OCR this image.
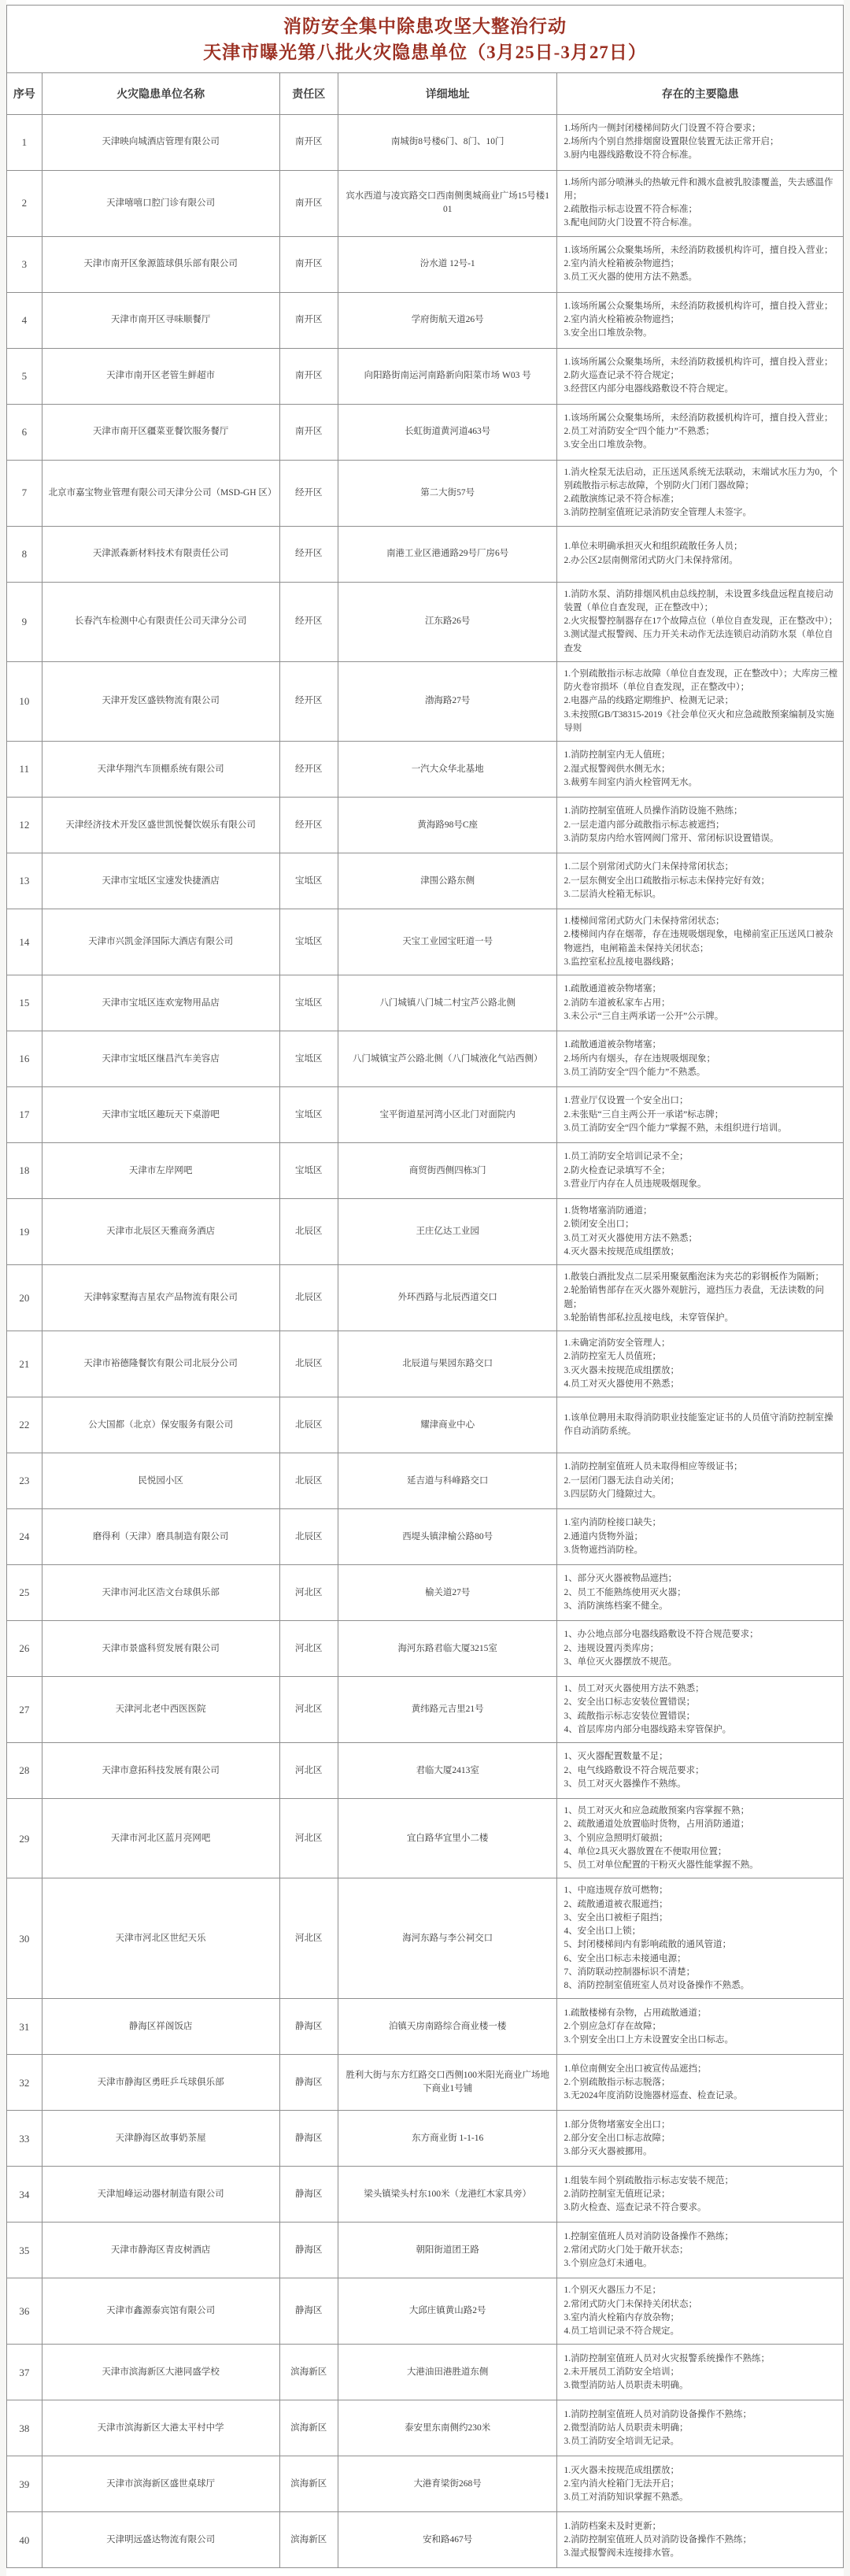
消防安全集中除患攻坚大整治行动
天津市曝光第八批火灾隐患单位（3月25日-3月27日）				

序号	火灾隐患单位名称	责任区	详细地址	存在的主要隐患
1	天津映向城酒店管理有限公司	南开区	南城街8号楼6门、8门、10门	1.场所内一侧封闭楼梯间防火门设置不符合要求；
2.场所内个别自然排烟窗设置限位装置无法正常开启；
3.厨内电器线路敷设不符合标准。

2	天津嘻嘻口腔门诊有限公司	南开区	宾水西道与凌宾路交口西南侧奥城商业广场15号楼101	1.场所内部分喷淋头的热敏元件和溅水盘被乳胶漆覆盖，失去感温作用；
2.疏散指示标志设置不符合标准；
3.配电间防火门设置不符合标准。

3	天津市南开区象源篮球俱乐部有限公司	南开区	汾水道 12号-1	1.该场所属公众聚集场所，未经消防救援机构许可，擅自投入营业；
2.室内消火栓箱被杂物遮挡；
3.员工灭火器的使用方法不熟悉。

4	天津市南开区寻味顺餐厅	南开区	学府街航天道26号	1.该场所属公众聚集场所，未经消防救援机构许可，擅自投入营业；
2.室内消火栓箱被杂物遮挡；
3.安全出口堆放杂物。

5	天津市南开区老管生鲜超市	南开区	向阳路街南运河南路新向阳菜市场 W03 号	1.该场所属公众聚集场所，未经消防救援机构许可，擅自投入营业；
2.防火巡查记录不符合规定；
3.经营区内部分电器线路敷设不符合规定。

6	天津市南开区疆菜亚餐饮服务餐厅	南开区	长虹街道黄河道463号	1.该场所属公众聚集场所，未经消防救援机构许可，擅自投入营业；
2.员工对消防安全“四个能力”不熟悉；
3.安全出口堆放杂物。

7	北京市嘉宝物业管理有限公司天津分公司（MSD-GH 区）	经开区	第二大街57号	1.消火栓泵无法启动，正压送风系统无法联动，末端试水压力为0，个别疏散指示标志故障，个别防火门闭门器故障；
2.疏散演练记录不符合标准；
3.消防控制室值班记录消防安全管理人未签字。

8	天津派森新材料技术有限责任公司	经开区	南港工业区港通路29号厂房6号	1.单位未明确承担灭火和组织疏散任务人员；
2.办公区2层南侧常闭式防火门未保持常闭。

9	长春汽车检测中心有限责任公司天津分公司	经开区	江东路26号	1.消防水泵、消防排烟风机由总线控制，未设置多线盘远程直接启动装置（单位自查发现，正在整改中）；
2.火灾报警控制器存在17个故障点位（单位自查发现，正在整改中）；
3.测试湿式报警阀、压力开关未动作无法连锁启动消防水泵（单位自查发

10	天津开发区盛铁物流有限公司	经开区	渤海路27号	1.个别疏散指示标志故障（单位自查发现，正在整改中）；大库房三樘防火卷帘损坏（单位自查发现，正在整改中）；
2.电器产品的线路定期维护、检测无记录；
3.未按照GB/T38315-2019《社会单位灭火和应急疏散预案编制及实施导则

11	天津华翔汽车顶棚系统有限公司	经开区	一汽大众华北基地	1.消防控制室内无人值班；
2.湿式报警阀供水侧无水；
3.裁剪车间室内消火栓管网无水。

12	天津经济技术开发区盛世凯悦餐饮娱乐有限公司	经开区	黄海路98号C座	1.消防控制室值班人员操作消防设施不熟练；
2.一层走道内部分疏散指示标志被遮挡；
3.消防泵房内给水管网阀门常开、常闭标识设置错误。

13	天津市宝坻区宝速发快捷酒店	宝坻区	津围公路东侧	1.二层个别常闭式防火门未保持常闭状态；
2.一层东侧安全出口疏散指示标志未保持完好有效；
3.二层消火栓箱无标识。

14	天津市兴凯金泽国际大酒店有限公司	宝坻区	天宝工业园宝旺道一号	1.楼梯间常闭式防火门未保持常闭状态；
2.楼梯间内存在烟蒂，存在违规吸烟现象，电梯前室正压送风口被杂物遮挡，电闸箱盖未保持关闭状态；
3.监控室私拉乱接电器线路；

15	天津市宝坻区连欢宠物用品店	宝坻区	八门城镇八门城二村宝芦公路北侧	1.疏散通道被杂物堵塞；
2.消防车道被私家车占用；
3.未公示“三自主两承诺一公开”公示牌。

16	天津市宝坻区继昌汽车美容店	宝坻区	八门城镇宝芦公路北侧（八门城液化气站西侧）	1.疏散通道被杂物堵塞；
2.场所内有烟头，存在违规吸烟现象；
3.员工消防安全“四个能力”不熟悉。

17	天津市宝坻区趣玩天下桌游吧	宝坻区	宝平街道星河湾小区北门对面院内	1.营业厅仅设置一个安全出口；
2.未张贴“三自主两公开一承诺”标志牌；
3.员工消防安全“四个能力”掌握不熟，未组织进行培训。

18	天津市左岸网吧	宝坻区	商贸街西侧四栋3门	1.员工消防安全培训记录不全；
2.防火检查记录填写不全；
3.营业厅内存在人员违规吸烟现象。

19	天津市北辰区天雅商务酒店	北辰区	王庄亿达工业园	1.货物堵塞消防通道；
2.锁闭安全出口；
3.员工对灭火器使用方法不熟悉；
4.灭火器未按规范成组摆放；

20	天津韩家墅海吉星农产品物流有限公司	北辰区	外环西路与北辰西道交口	1.散装白酒批发点二层采用聚氨酯泡沫为夹芯的彩钢板作为隔断；
2.轮胎销售部存在灭火器外观脏污，遮挡压力表盘，无法读数的问题；
3.轮胎销售部私拉乱接电线，未穿管保护。

21	天津市裕德隆餐饮有限公司北辰分公司	北辰区	北辰道与果园东路交口	1.未确定消防安全管理人；
2.消防控室无人员值班；
3.灭火器未按规范成组摆放；
4.员工对灭火器使用不熟悉；

22	公大国都（北京）保安服务有限公司	北辰区	耀津商业中心	1.该单位聘用未取得消防职业技能鉴定证书的人员值守消防控制室操作自动消防系统。

23	民悦园小区	北辰区	延吉道与科峰路交口	1.消防控制室值班人员未取得相应等级证书；
2.一层闭门器无法自动关闭；
3.四层防火门缝隙过大。

24	磨得利（天津）磨具制造有限公司	北辰区	西堤头镇津榆公路80号	1.室内消防栓接口缺失；
2.通道内货物外溢；
3.货物遮挡消防栓。

25	天津市河北区浩文台球俱乐部	河北区	榆关道27号	1、部分灭火器被物品遮挡；
2、员工不能熟练使用灭火器；
3、消防演练档案不健全。

26	天津市景盛科贸发展有限公司	河北区	海河东路君临大厦3215室	1、办公地点部分电器线路敷设不符合规范要求；
2、违规设置丙类库房；
3、单位灭火器摆放不规范。

27	天津河北老中西医医院	河北区	黄纬路元吉里21号	1、员工对灭火器使用方法不熟悉；
2、安全出口标志安装位置错误；
3、疏散指示标志安装位置错误；
4、首层库房内部分电器线路未穿管保护。

28	天津市意拓科技发展有限公司	河北区	君临大厦2413室	1、灭火器配置数量不足；
2、电气线路敷设不符合规范要求；
3、员工对灭火器操作不熟练。

29	天津市河北区蓝月亮网吧	河北区	宜白路华宜里小二楼	1、员工对灭火和应急疏散预案内容掌握不熟；
2、疏散通道处放置临时货物，占用消防通道；
3、个别应急照明灯破损；
4、单位2具灭火器放置在不便取用位置；
5、员工对单位配置的干粉灭火器性能掌握不熟。

30	天津市河北区世纪天乐	河北区	海河东路与李公祠交口	
1、中庭违规存放可燃物；
2、疏散通道被衣服遮挡；
3、安全出口被柜子阻挡；
4、安全出口上锁；
5、封闭楼梯间内有影响疏散的通风管道；
6、安全出口标志未接通电源；
7、消防联动控制器标识不清楚；
8、消防控制室值班室人员对设备操作不熟悉。

31	静海区祥阁饭店	静海区	泊镇天房南路综合商业楼一楼	1.疏散楼梯有杂物，占用疏散通道；
2.个别应急灯存在故障；
3.个别安全出口上方未设置安全出口标志。

32	天津市静海区勇旺乒乓球俱乐部	静海区	胜利大街与东方红路交口西侧100米阳光商业广场地下商业1号铺	1.单位南侧安全出口被宣传品遮挡；
2.个别疏散指示标志脱落；
3.无2024年度消防设施器材巡查、检查记录。

33	天津静海区故事奶茶屋	静海区	东方商业街 1-1-16	1.部分货物堵塞安全出口；
2.部分安全出口标志故障；
3.部分灭火器被挪用。

34	天津旭峰运动器材制造有限公司	静海区	梁头镇梁头村东100米（龙港红木家具旁）	1.组装车间个别疏散指示标志安装不规范；
2.消防控制室无值班记录；
3.防火检查、巡查记录不符合要求。

35	天津市静海区青皮树酒店	静海区	朝阳街道团王路	1.控制室值班人员对消防设备操作不熟练；
2.常闭式防火门处于敞开状态；
3.个别应急灯未通电。

36	天津市鑫源泰宾馆有限公司	静海区	大邱庄镇黄山路2号	1.个别灭火器压力不足；
2.常闭式防火门未保持关闭状态；
3.室内消火栓箱内存放杂物；
4.员工培训记录不符合规定。

37	天津市滨海新区大港同盛学校	滨海新区	大港油田港胜道东侧	1.消防控制室值班人员对火灾报警系统操作不熟练；
2.未开展员工消防安全培训；
3.微型消防站人员职责未明确。

38	天津市滨海新区大港太平村中学	滨海新区	泰安里东南侧约230米	1.消防控制室值班人员对消防设备操作不熟练；
2.微型消防站人员职责未明确；
3.员工消防安全培训无记录。

39	天津市滨海新区盛世桌球厅	滨海新区	大港育梁街268号	1.灭火器未按规范成组摆放；
2.室内消火栓箱门无法开启；
3.员工对消防知识掌握不熟悉。

40	天津明远盛达物流有限公司	滨海新区	安和路467号	1.消防档案未及时更新；
2.消防控制室值班人员对消防设备操作不熟练；
3.湿式报警阀未连接排水管。
